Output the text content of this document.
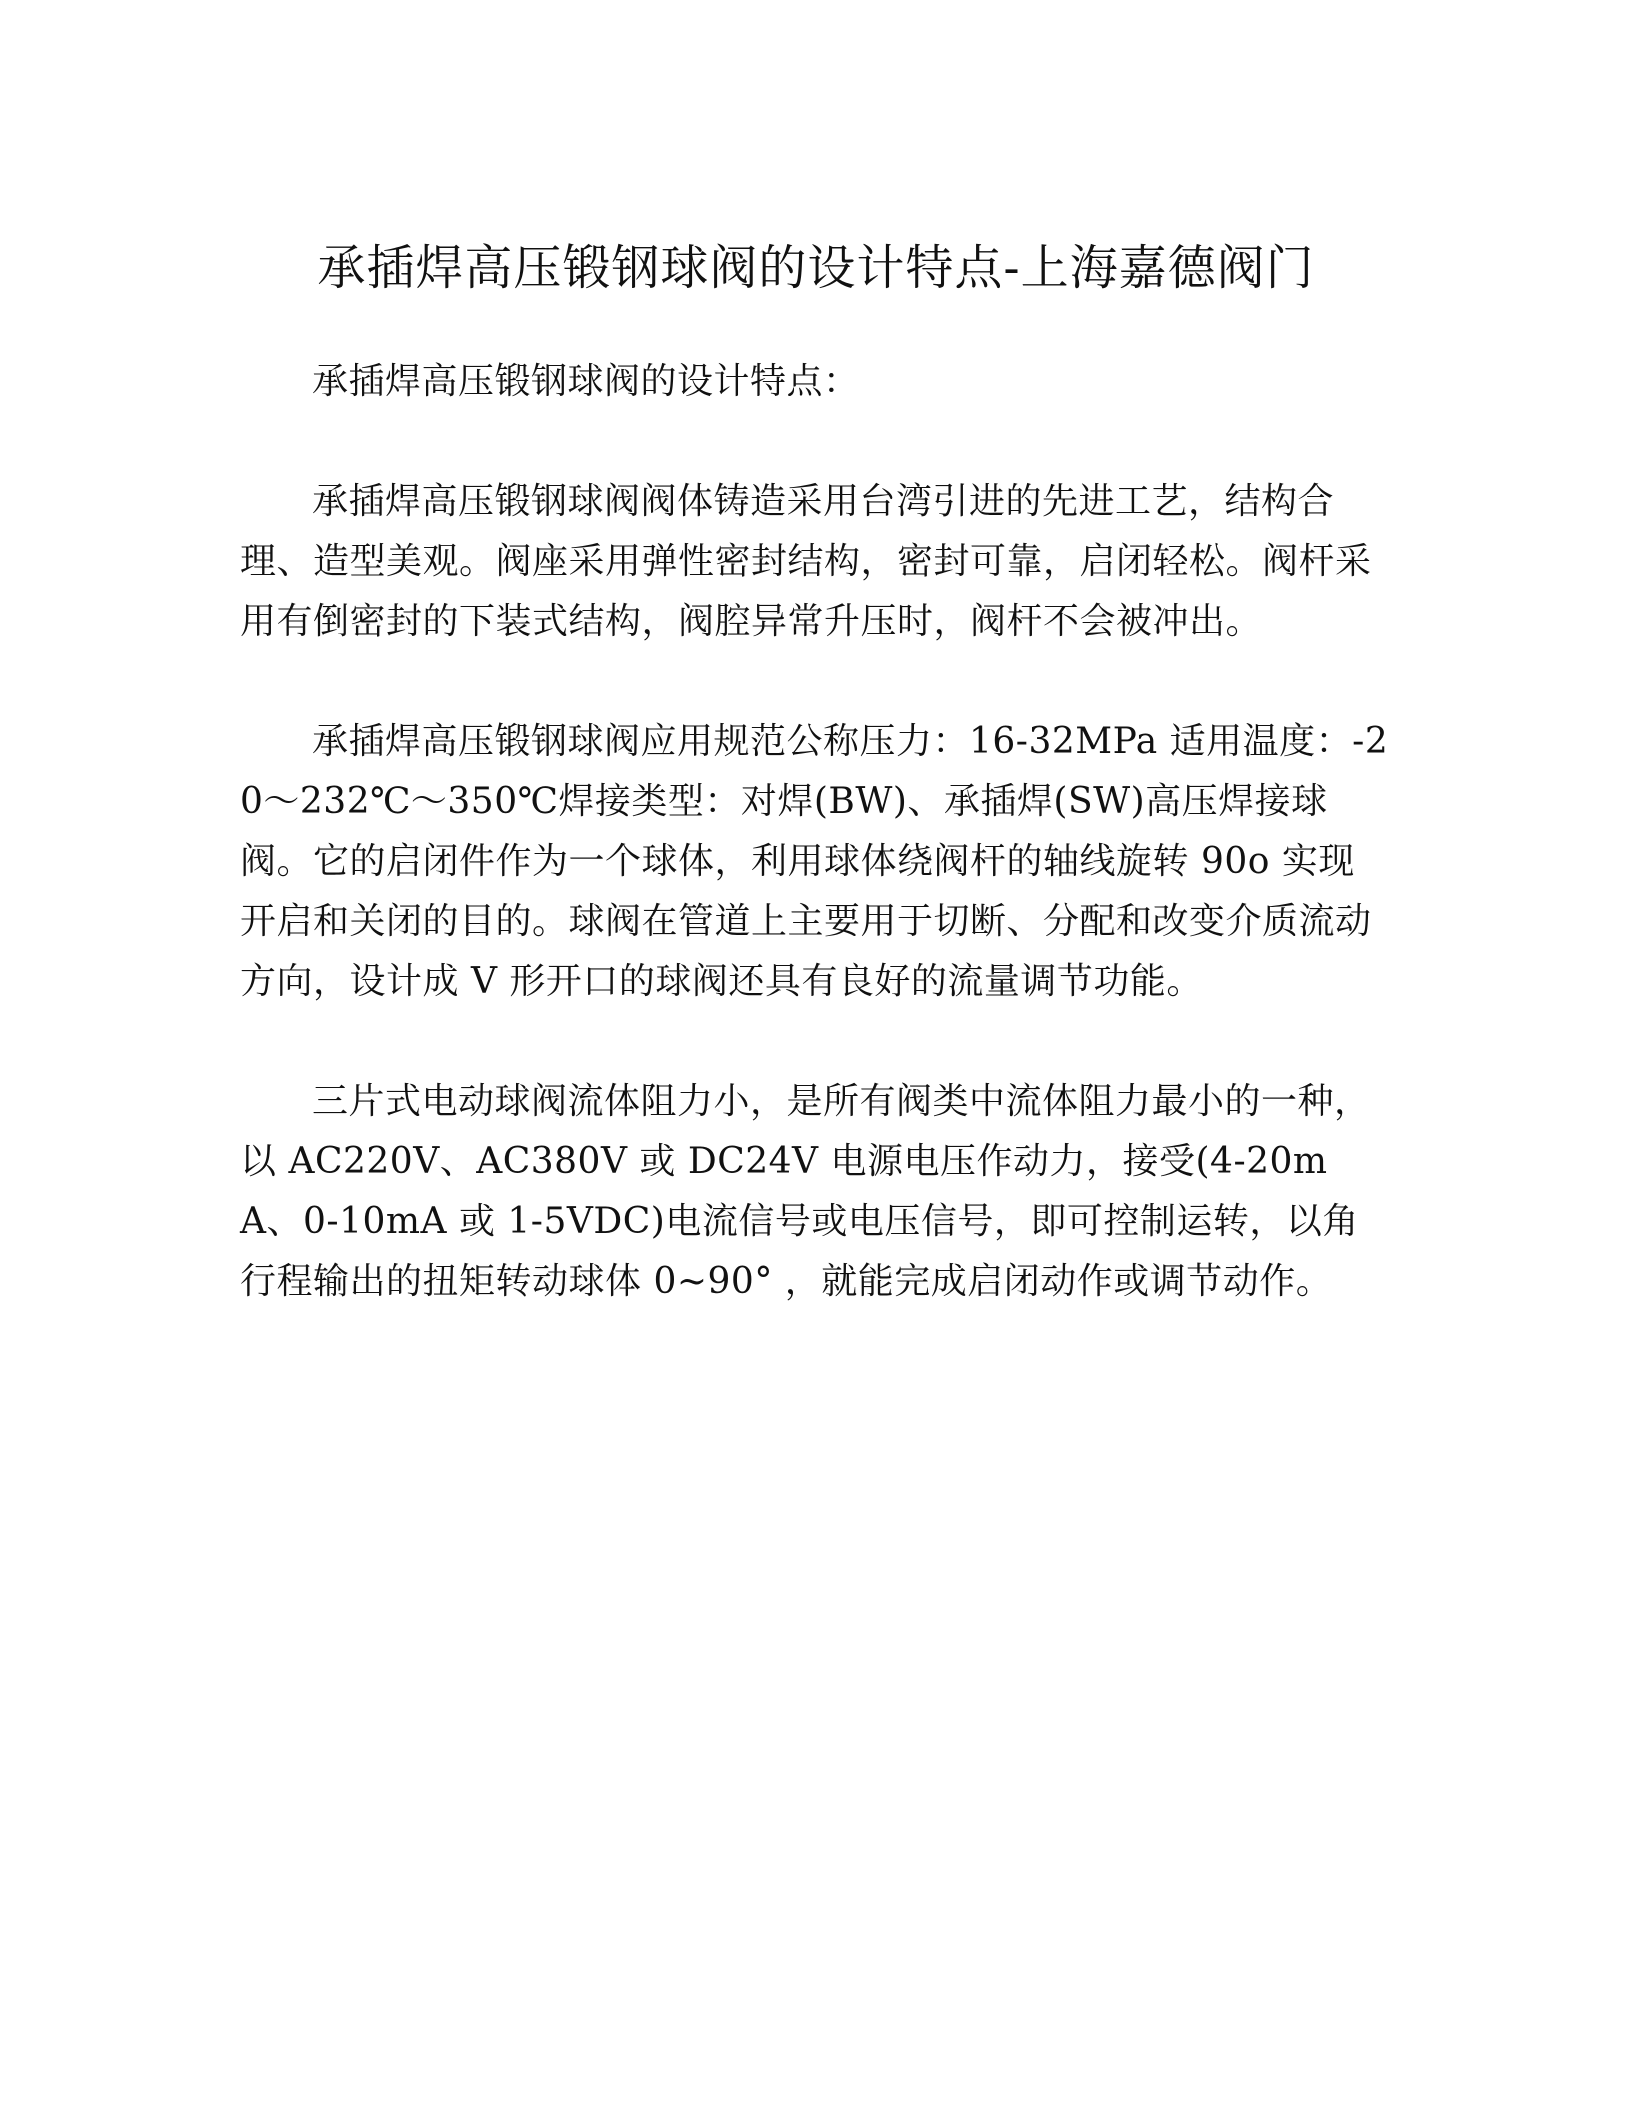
承插焊高压锻钢球阀的设计特点-上海嘉德阀门

承插焊高压锻钢球阀的设计特点：

承插焊高压锻钢球阀阀体铸造采用台湾引进的先进工艺，结构合理、造型美观。阀座采用弹性密封结构，密封可靠，启闭轻松。阀杆采用有倒密封的下装式结构，阀腔异常升压时，阀杆不会被冲出。

承插焊高压锻钢球阀应用规范公称压力：16-32MPa 适用温度：-20～232℃～350℃焊接类型：对焊(BW)、承插焊(SW)高压焊接球阀。它的启闭件作为一个球体，利用球体绕阀杆的轴线旋转 90o 实现开启和关闭的目的。球阀在管道上主要用于切断、分配和改变介质流动方向，设计成 V 形开口的球阀还具有良好的流量调节功能。

三片式电动球阀流体阻力小，是所有阀类中流体阻力最小的一种，以 AC220V、AC380V 或 DC24V 电源电压作动力，接受(4-20mA、0-10mA 或 1-5VDC)电流信号或电压信号，即可控制运转，以角行程输出的扭矩转动球体 0~90° ，就能完成启闭动作或调节动作。
